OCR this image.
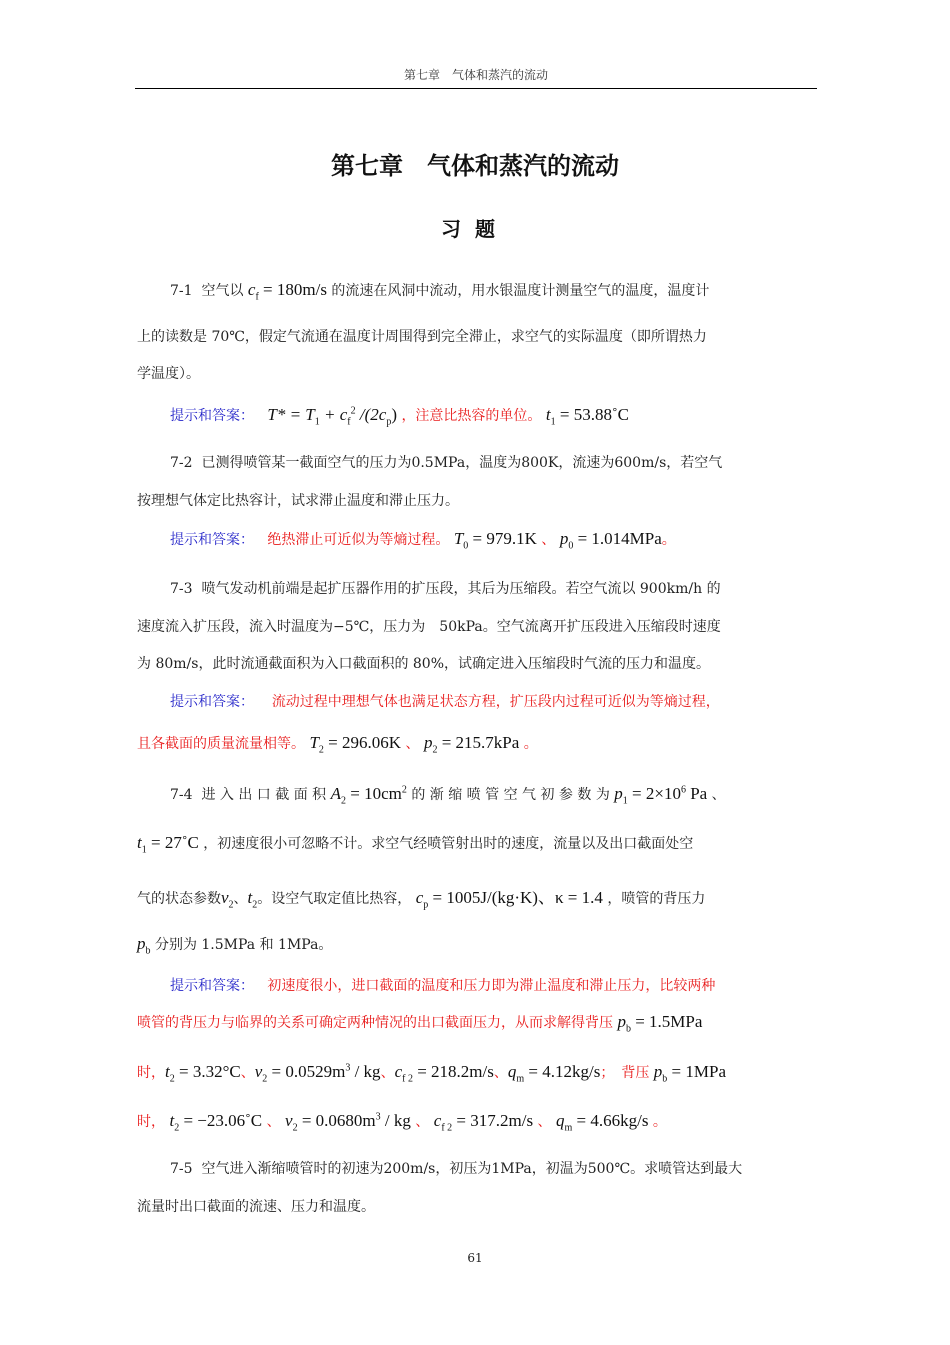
第七章　气体和蒸汽的流动
第七章　气体和蒸汽的流动
习题
7-1 空气以 $c_f = 180m/s$ 的流速在风洞中流动，用水银温度计测量空气的温度，温度计
上的读数是 70℃，假定气流通在温度计周围得到完全滞止，求空气的实际温度（即所谓热力
学温度）。
提示和答案： $T* = T_1 + c_f^2$ $/(2c_p)$ ，注意比热容的单位。 $t_1$ = 53.88˚C
7-2 已测得喷管某一截面空气的压力为0.5MPa，温度为800K，流速为600m/s，若空气
按理想气体定比热容计，试求滞止温度和滞止压力。
提示和答案： 绝热滞止可近似为等熵过程。 $T_0 = 979.1K$ 、 $p_0 = 1.014MPa$。
7-3 喷气发动机前端是起扩压器作用的扩压段，其后为压缩段。若空气流以 900km/h 的
速度流入扩压段，流入时温度为−5℃，压力为　50kPa。空气流离开扩压段进入压缩段时速度
为 80m/s，此时流通截面积为入口截面积的 80%，试确定进入压缩段时气流的压力和温度。
提示和答案： 流动过程中理想气体也满足状态方程，扩压段内过程可近似为等熵过程，
且各截面的质量流量相等。 $T_2 = 296.06K$ 、 $p_2 = 215.7kPa$ 。
7-4 进 入 出 口 截 面 积 $A_2 = 10cm^2$ 的 渐 缩 喷 管 空 气 初 参 数 为 $p_1 = 2\times 10^6$ Pa 、
$t_1$ = 27˚C ，初速度很小可忽略不计。求空气经喷管射出时的速度，流量以及出口截面处空
气的状态参数$v_2$、$t_2$。设空气取定值比热容， $c_p = 1005J/(kg\cdot K)$、κ = 1.4 ，喷管的背压力
$p_b$ 分别为 1.5MPa 和 1MPa。
提示和答案： 初速度很小，进口截面的温度和压力即为滞止温度和滞止压力，比较两种
喷管的背压力与临界的关系可确定两种情况的出口截面压力，从而求解得背压 $p_b = 1.5MPa$
时，$t_2 = 3.32^\circ C$、$v_2 = 0.0529m^3$ / kg、$c_{f 2} = 218.2m/s$、$q_m = 4.12kg/s$；　背压 $p_b = 1MPa$
时， $t_2$ = −23.06˚C 、 $v_2 = 0.0680m^3$ / kg 、 $c_{f 2} = 317.2m/s$ 、 $q_m = 4.66kg/s$ 。
7-5 空气进入渐缩喷管时的初速为200m/s，初压为1MPa，初温为500℃。求喷管达到最大
流量时出口截面的流速、压力和温度。
61
